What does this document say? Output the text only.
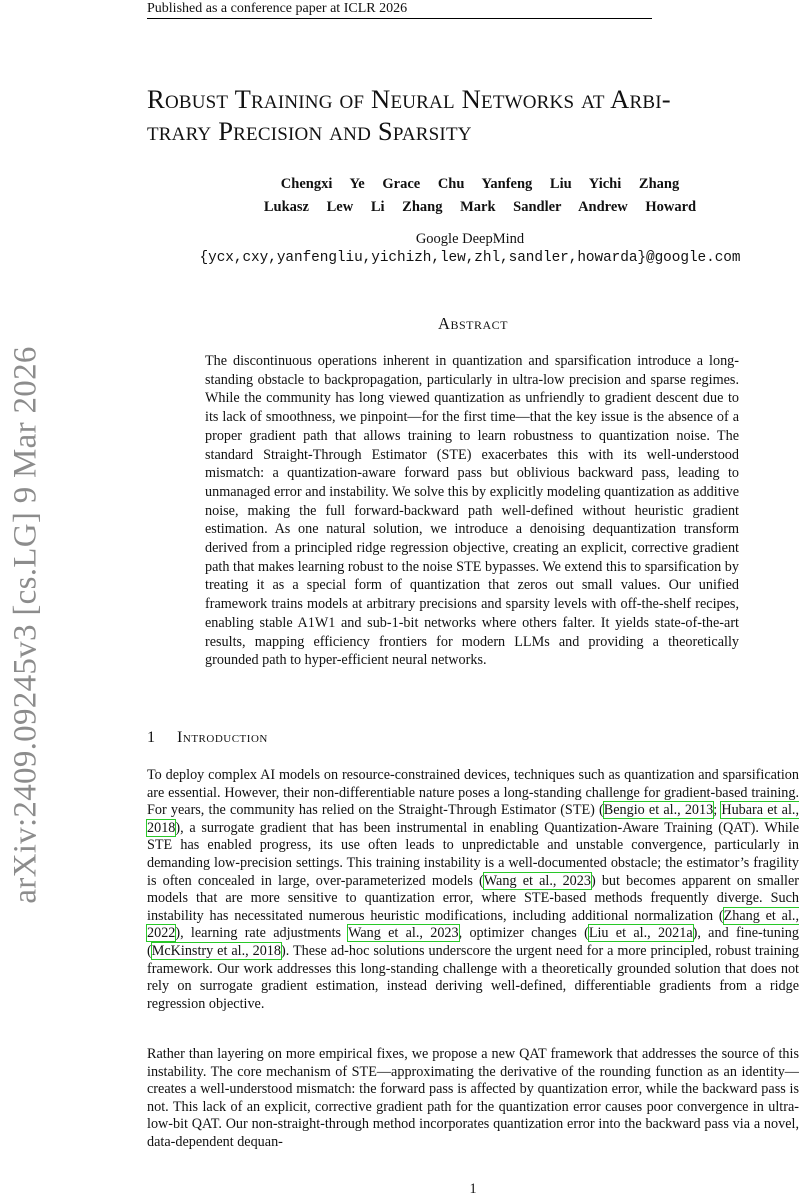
Published as a conference paper at ICLR 2026
arXiv:2409.09245v3 [cs.LG] 9 Mar 2026
Robust Training of Neural Networks at Arbi-
trary Precision and Sparsity
Chengxi Ye Grace Chu Yanfeng Liu Yichi Zhang
Lukasz Lew Li Zhang Mark Sandler Andrew Howard
Google DeepMind
{ycx,cxy,yanfengliu,yichizh,lew,zhl,sandler,howarda}@google.com
Abstract

The discontinuous operations inherent in quantization and sparsification introduce a long-standing obstacle to backpropagation, particularly in ultra-low precision and sparse regimes. While the community has long viewed quantization as unfriendly to gradient descent due to its lack of smoothness, we pinpoint—for the first time—that the key issue is the absence of a proper gradient path that allows training to learn robustness to quantization noise. The standard Straight-Through Estimator (STE) exacerbates this with its well-understood mismatch: a quantization-aware forward pass but oblivious backward pass, leading to unmanaged error and instability. We solve this by explicitly modeling quantization as additive noise, making the full forward-backward path well-defined without heuristic gradient estimation. As one natural solution, we introduce a denoising dequantization transform derived from a principled ridge regression objective, creating an explicit, corrective gradient path that makes learning robust to the noise STE bypasses. We extend this to sparsification by treating it as a special form of quantization that zeros out small values. Our unified framework trains models at arbitrary precisions and sparsity levels with off-the-shelf recipes, enabling stable A1W1 and sub-1-bit networks where others falter. It yields state-of-the-art results, mapping efficiency frontiers for modern LLMs and providing a theoretically grounded path to hyper-efficient neural networks.

1 Introduction

To deploy complex AI models on resource-constrained devices, techniques such as quantization and sparsification are essential. However, their non-differentiable nature poses a long-standing challenge for gradient-based training. For years, the community has relied on the Straight-Through Estimator (STE) (Bengio et al., 2013; Hubara et al., 2018), a surrogate gradient that has been instrumental in enabling Quantization-Aware Training (QAT). While STE has enabled progress, its use often leads to unpredictable and unstable convergence, particularly in demanding low-precision settings. This training instability is a well-documented obstacle; the estimator’s fragility is often concealed in large, over-parameterized models (Wang et al., 2023) but becomes apparent on smaller models that are more sensitive to quantization error, where STE-based methods frequently diverge. Such instability has necessitated numerous heuristic modifications, including additional normalization (Zhang et al., 2022), learning rate adjustments Wang et al., 2023, optimizer changes (Liu et al., 2021a), and fine-tuning (McKinstry et al., 2018). These ad-hoc solutions underscore the urgent need for a more principled, robust training framework. Our work addresses this long-standing challenge with a theoretically grounded solution that does not rely on surrogate gradient estimation, instead deriving well-defined, differentiable gradients from a ridge regression objective.

Rather than layering on more empirical fixes, we propose a new QAT framework that addresses the source of this instability. The core mechanism of STE—approximating the derivative of the rounding function as an identity—creates a well-understood mismatch: the forward pass is affected by quantization error, while the backward pass is not. This lack of an explicit, corrective gradient path for the quantization error causes poor convergence in ultra-low-bit QAT. Our non-straight-through method incorporates quantization error into the backward pass via a novel, data-dependent dequan-

1
